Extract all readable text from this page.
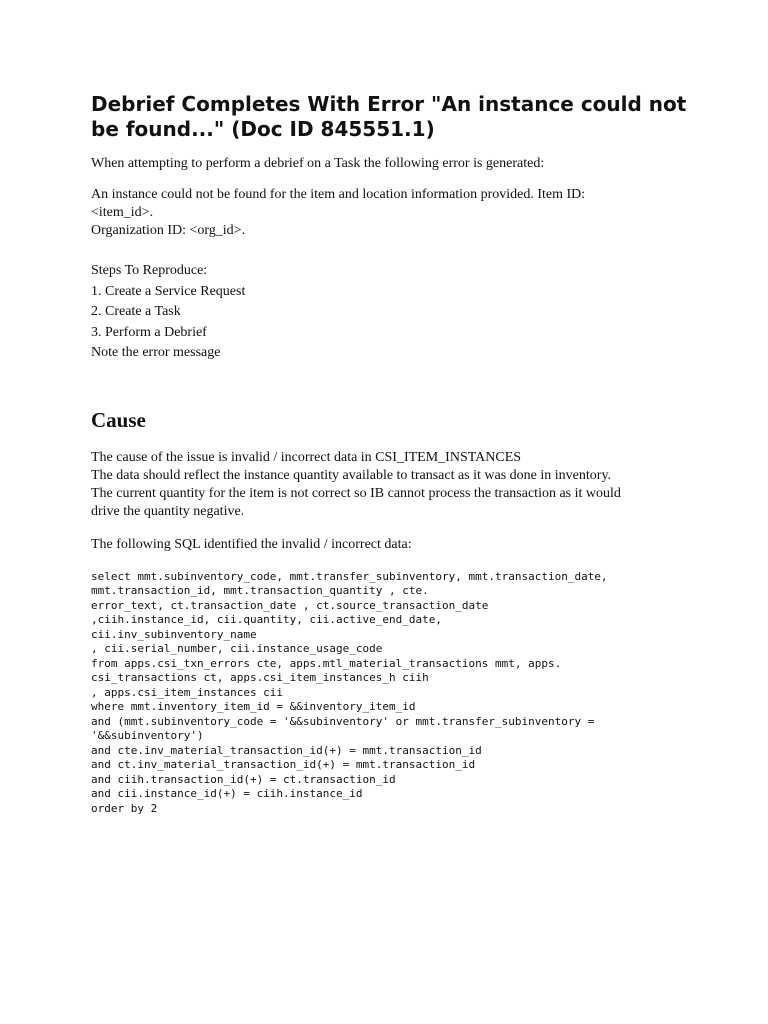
Debrief Completes With Error "An instance could not be found..." (Doc ID 845551.1)
When attempting to perform a debrief on a Task the following error is generated:
An instance could not be found for the item and location information provided. Item ID:
<item_id>.
Organization ID: <org_id>.
Steps To Reproduce:
1. Create a Service Request
2. Create a Task
3. Perform a Debrief
Note the error message
Cause
The cause of the issue is invalid / incorrect data in CSI_ITEM_INSTANCES
The data should reflect the instance quantity available to transact as it was done in inventory.
The current quantity for the item is not correct so IB cannot process the transaction as it would
drive the quantity negative.
The following SQL identified the invalid / incorrect data:
select mmt.subinventory_code, mmt.transfer_subinventory, mmt.transaction_date,
mmt.transaction_id, mmt.transaction_quantity , cte.
error_text, ct.transaction_date , ct.source_transaction_date
,ciih.instance_id, cii.quantity, cii.active_end_date,
cii.inv_subinventory_name
, cii.serial_number, cii.instance_usage_code
from apps.csi_txn_errors cte, apps.mtl_material_transactions mmt, apps.
csi_transactions ct, apps.csi_item_instances_h ciih
, apps.csi_item_instances cii
where mmt.inventory_item_id = &&inventory_item_id
and (mmt.subinventory_code = '&&subinventory' or mmt.transfer_subinventory =
'&&subinventory')
and cte.inv_material_transaction_id(+) = mmt.transaction_id
and ct.inv_material_transaction_id(+) = mmt.transaction_id
and ciih.transaction_id(+) = ct.transaction_id
and cii.instance_id(+) = ciih.instance_id
order by 2
